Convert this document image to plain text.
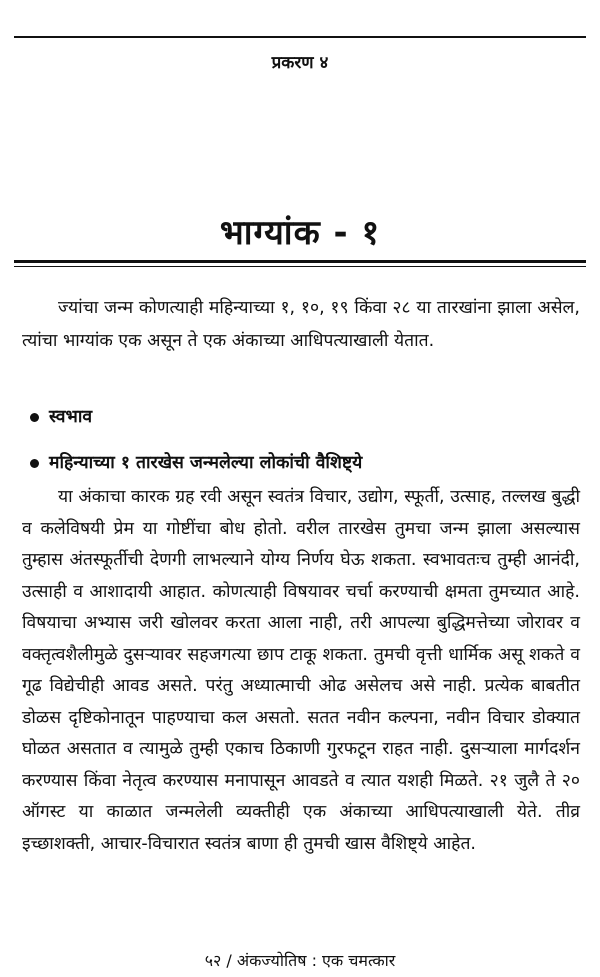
प्रकरण ४
भाग्यांक - १

ज्यांचा जन्म कोणत्याही महिन्याच्या १, १०, १९ किंवा २८ या तारखांना झाला असेल, त्यांचा भाग्यांक एक असून ते एक अंकाच्या आधिपत्याखाली येतात.

स्वभाव
महिन्याच्या १ तारखेस जन्मलेल्या लोकांची वैशिष्ट्ये

या अंकाचा कारक ग्रह रवी असून स्वतंत्र विचार, उद्योग, स्फूर्ती, उत्साह, तल्लख बुद्धी व कलेविषयी प्रेम या गोष्टींचा बोध होतो. वरील तारखेस तुमचा जन्म झाला असल्यास तुम्हास अंतस्फूर्तीची देणगी लाभल्याने योग्य निर्णय घेऊ शकता. स्वभावतःच तुम्ही आनंदी, उत्साही व आशादायी आहात. कोणत्याही विषयावर चर्चा करण्याची क्षमता तुमच्यात आहे. विषयाचा अभ्यास जरी खोलवर करता आला नाही, तरी आपल्या बुद्धिमत्तेच्या जोरावर व वक्तृत्वशैलीमुळे दुसऱ्यावर सहजगत्या छाप टाकू शकता. तुमची वृत्ती धार्मिक असू शकते व गूढ विद्येचीही आवड असते. परंतु अध्यात्माची ओढ असेलच असे नाही. प्रत्येक बाबतीत डोळस दृष्टिकोनातून पाहण्याचा कल असतो. सतत नवीन कल्पना, नवीन विचार डोक्यात घोळत असतात व त्यामुळे तुम्ही एकाच ठिकाणी गुरफटून राहत नाही. दुसऱ्याला मार्गदर्शन करण्यास किंवा नेतृत्व करण्यास मनापासून आवडते व त्यात यशही मिळते. २१ जुलै ते २० ऑगस्ट या काळात जन्मलेली व्यक्तीही एक अंकाच्या आधिपत्याखाली येते. तीव्र इच्छाशक्ती, आचार-विचारात स्वतंत्र बाणा ही तुमची खास वैशिष्ट्ये आहेत.

५२ / अंकज्योतिष : एक चमत्कार
